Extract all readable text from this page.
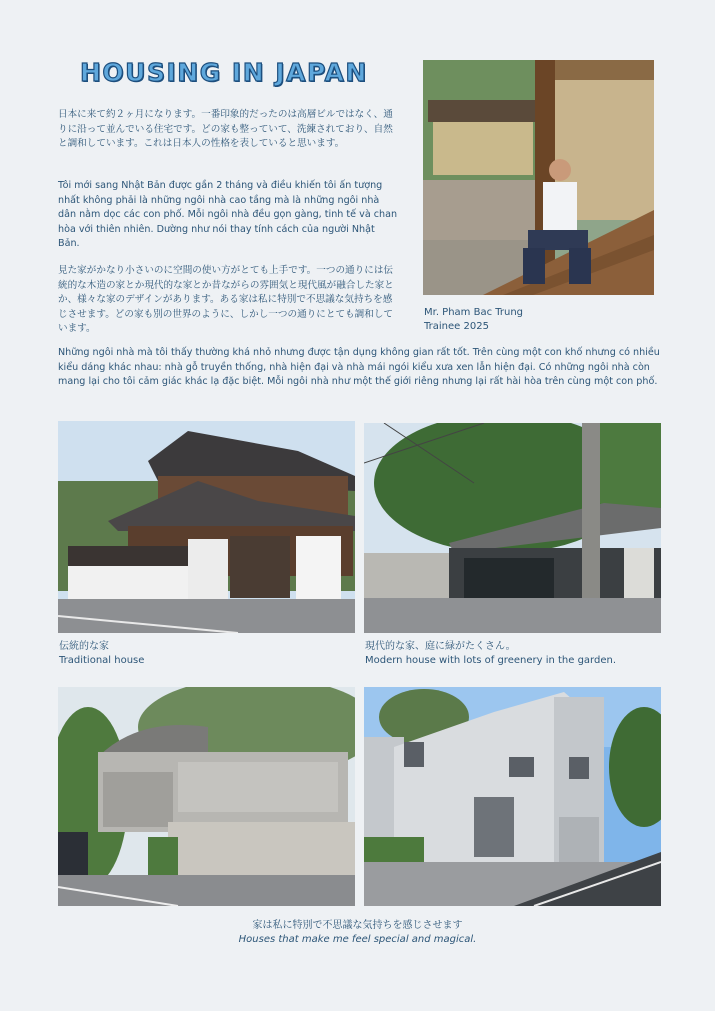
HOUSING IN JAPAN

日本に来て約２ヶ月になります。一番印象的だったのは高層ビルではなく、通りに沿って並んでいる住宅です。どの家も整っていて、洗練されており、自然と調和しています。これは日本人の性格を表していると思います。

Tôi mới sang Nhật Bản được gần 2 tháng và điều khiến tôi ấn tượng nhất không phải là những ngôi nhà cao tầng mà là những ngôi nhà dân nằm dọc các con phố. Mỗi ngôi nhà đều gọn gàng, tinh tế và chan hòa với thiên nhiên. Dường như nói thay tính cách của người Nhật Bản.

見た家がかなり小さいのに空間の使い方がとても上手です。一つの通りには伝統的な木造の家とか現代的な家とか昔ながらの雰囲気と現代風が融合した家とか、様々な家のデザインがあります。ある家は私に特別で不思議な気持ちを感じさせます。どの家も別の世界のように、しかし一つの通りにとても調和しています。

Những ngôi nhà mà tôi thấy thường khá nhỏ nhưng được tận dụng không gian rất tốt. Trên cùng một con khố nhưng có nhiều kiểu dáng khác nhau: nhà gỗ truyền thống, nhà hiện đại và nhà mái ngói kiểu xưa xen lẫn hiện đại. Có những ngôi nhà còn mang lại cho tôi cảm giác khác lạ đặc biệt. Mỗi ngôi nhà như một thế giới riêng nhưng lại rất hài hòa trên cùng một con phố.

Mr. Pham Bac Trung
Trainee 2025

伝統的な家
Traditional house

現代的な家、庭に緑がたくさん。
Modern house with lots of greenery in the garden.

家は私に特別で不思議な気持ちを感じさせます
Houses that make me feel special and magical.
